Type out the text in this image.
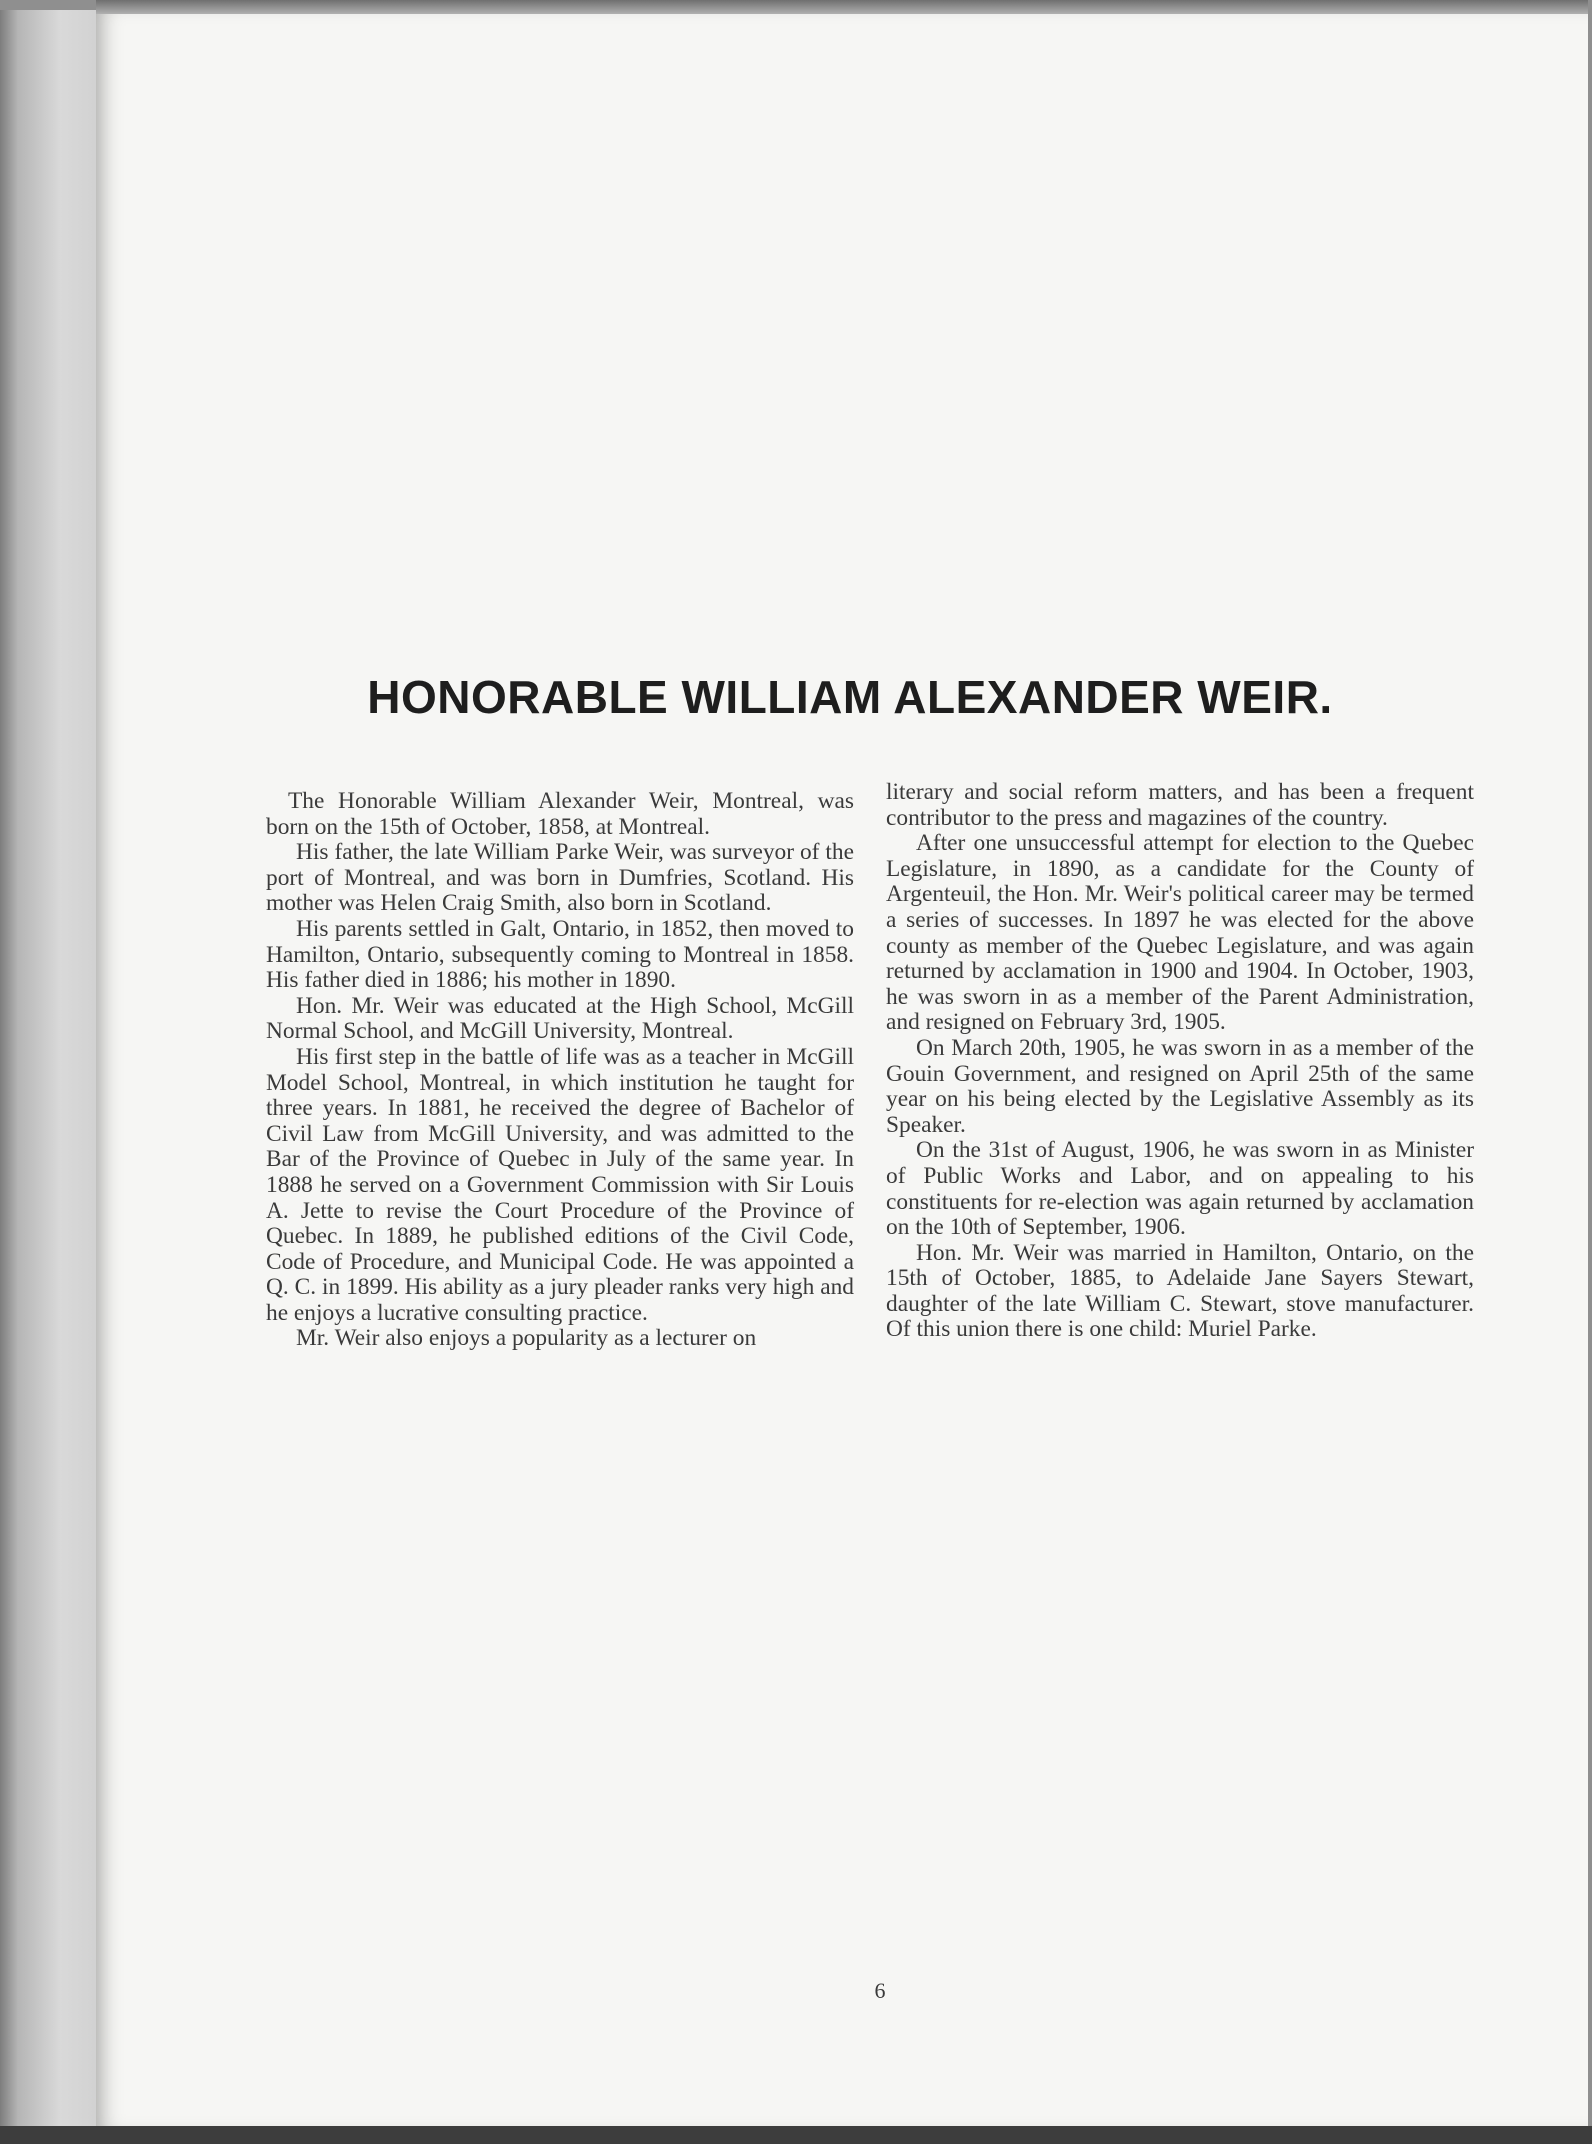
HONORABLE WILLIAM ALEXANDER WEIR.

The Honorable William Alexander Weir, Montreal, was born on the 15th of October, 1858, at Montreal.

His father, the late William Parke Weir, was surveyor of the port of Montreal, and was born in Dumfries, Scotland. His mother was Helen Craig Smith, also born in Scotland.

His parents settled in Galt, Ontario, in 1852, then moved to Hamilton, Ontario, subsequently coming to Montreal in 1858. His father died in 1886; his mother in 1890.

Hon. Mr. Weir was educated at the High School, McGill Normal School, and McGill University, Montreal.

His first step in the battle of life was as a teacher in McGill Model School, Montreal, in which institution he taught for three years. In 1881, he received the degree of Bachelor of Civil Law from McGill University, and was admitted to the Bar of the Province of Quebec in July of the same year. In 1888 he served on a Government Commission with Sir Louis A. Jette to revise the Court Procedure of the Province of Quebec. In 1889, he published editions of the Civil Code, Code of Procedure, and Municipal Code. He was appointed a Q. C. in 1899. His ability as a jury pleader ranks very high and he enjoys a lucrative consulting practice.

Mr. Weir also enjoys a popularity as a lecturer on

literary and social reform matters, and has been a frequent contributor to the press and magazines of the country.

After one unsuccessful attempt for election to the Quebec Legislature, in 1890, as a candidate for the County of Argenteuil, the Hon. Mr. Weir's political career may be termed a series of successes. In 1897 he was elected for the above county as member of the Quebec Legislature, and was again returned by acclamation in 1900 and 1904. In October, 1903, he was sworn in as a member of the Parent Administration, and resigned on February 3rd, 1905.

On March 20th, 1905, he was sworn in as a member of the Gouin Government, and resigned on April 25th of the same year on his being elected by the Legislative Assembly as its Speaker.

On the 31st of August, 1906, he was sworn in as Minister of Public Works and Labor, and on appealing to his constituents for re-election was again returned by acclamation on the 10th of September, 1906.

Hon. Mr. Weir was married in Hamilton, Ontario, on the 15th of October, 1885, to Adelaide Jane Sayers Stewart, daughter of the late William C. Stewart, stove manufacturer. Of this union there is one child: Muriel Parke.

6
